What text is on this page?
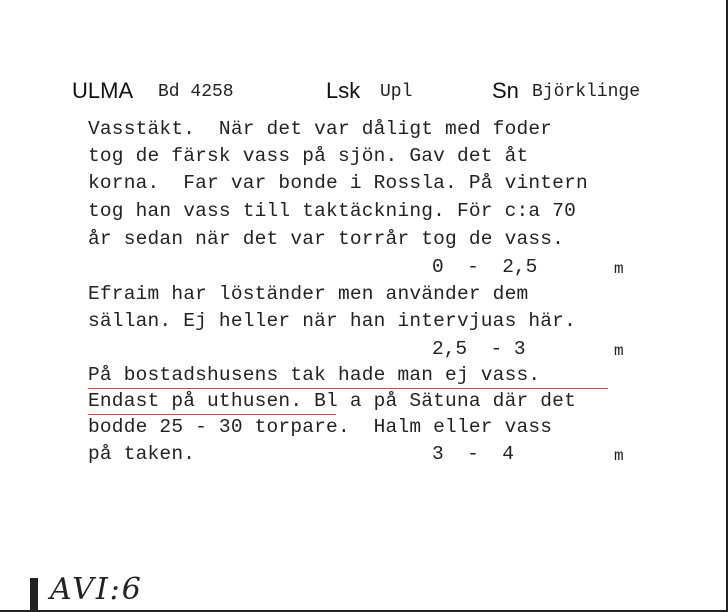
ULMA Bd 4258	Lsk Upl	Sn Björklinge
Vasstäkt.  När det var dåligt med foder
tog de färsk vass på sjön. Gav det åt
korna.  Far var bonde i Rossla. På vintern
tog han vass till taktäckning. För c:a 70
år sedan när det var torrår tog de vass.
0  -  2,5	m
Efraim har löständer men använder dem
sällan. Ej heller när han intervjuas här.
2,5  - 3	m
På bostadshusens tak hade man ej vass.
Endast på uthusen. Bl a på Sätuna där det
bodde 25 - 30 torpare.  Halm eller vass
på taken.	3  -  4	m
AVI:6
